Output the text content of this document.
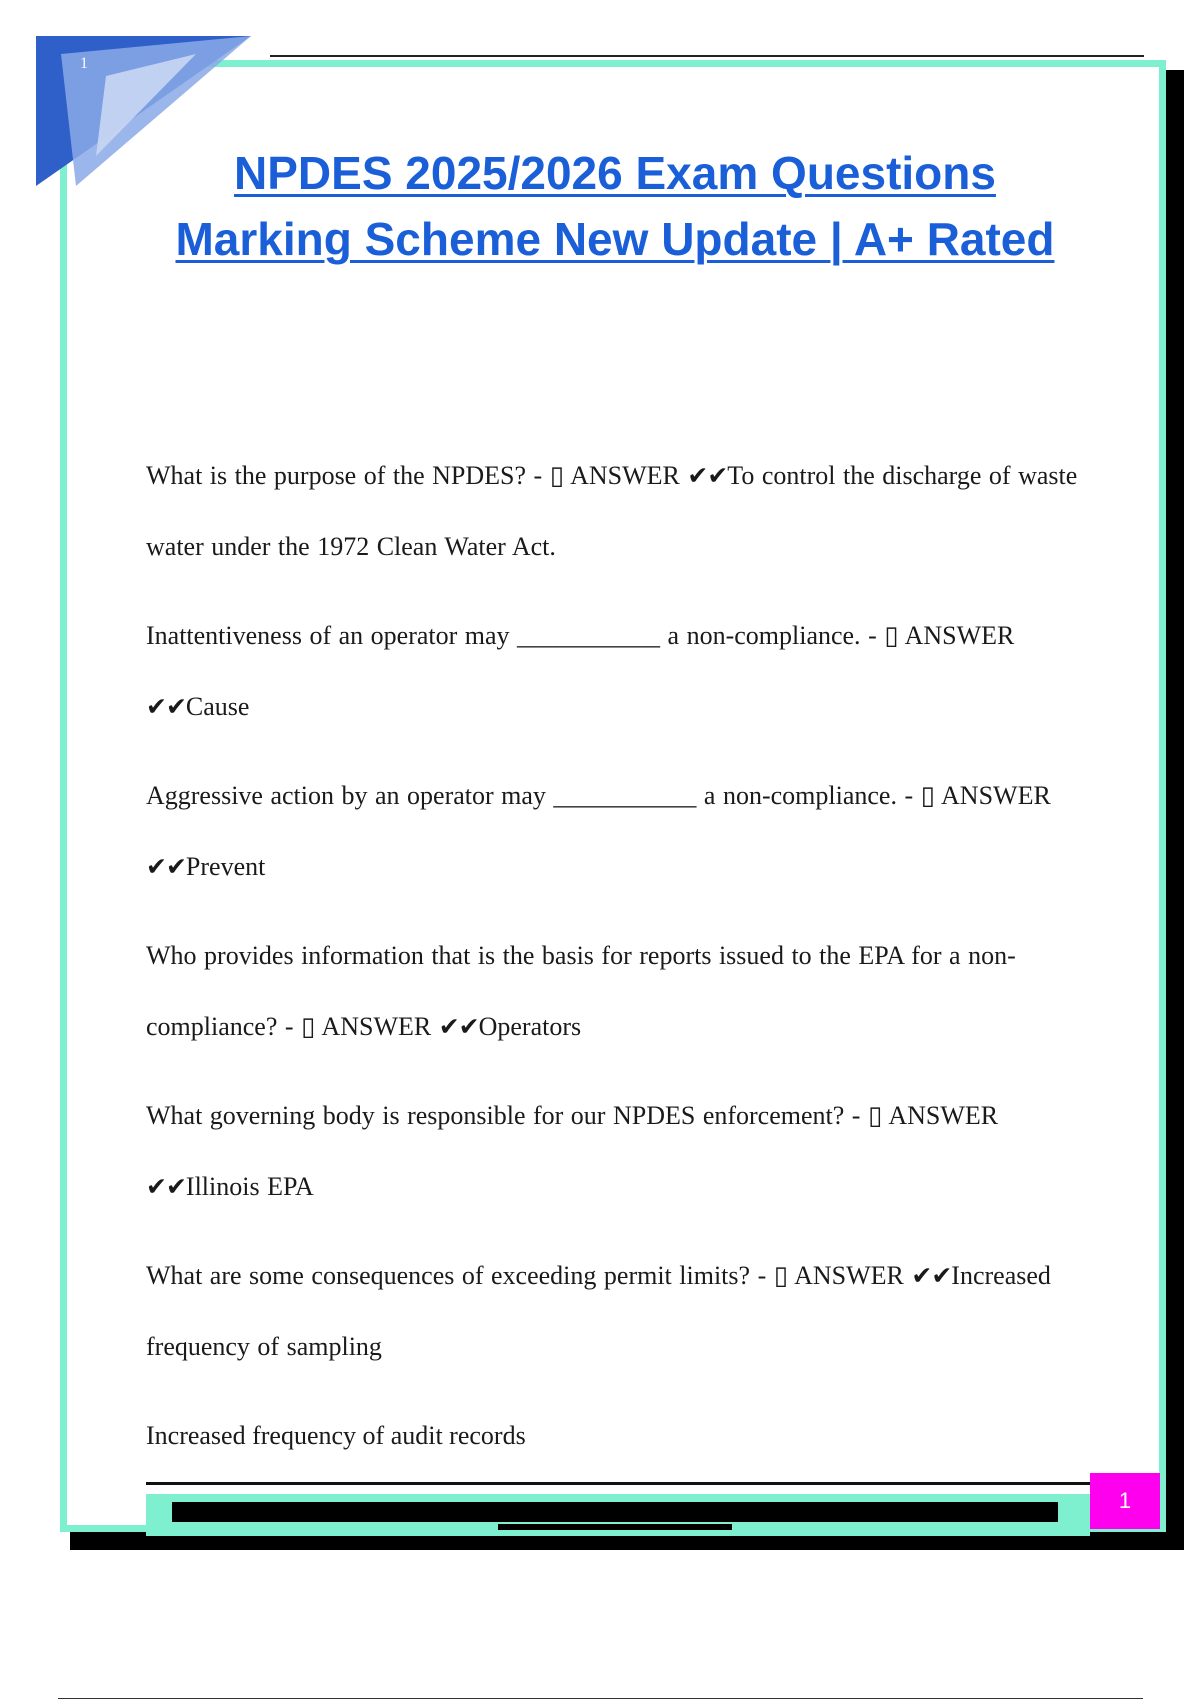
1
NPDES 2025/2026 Exam Questions
Marking Scheme New Update | A+ Rated

What is the purpose of the NPDES? - ▯ ANSWER ✔✔To control the discharge of waste water under the 1972 Clean Water Act.

Inattentiveness of an operator may ___________ a non-compliance. - ▯ ANSWER ✔✔Cause

Aggressive action by an operator may ___________ a non-compliance. - ▯ ANSWER ✔✔Prevent

Who provides information that is the basis for reports issued to the EPA for a non-compliance? - ▯ ANSWER ✔✔Operators

What governing body is responsible for our NPDES enforcement? - ▯ ANSWER ✔✔Illinois EPA

What are some consequences of exceeding permit limits? - ▯ ANSWER ✔✔Increased frequency of sampling

Increased frequency of audit records

1
